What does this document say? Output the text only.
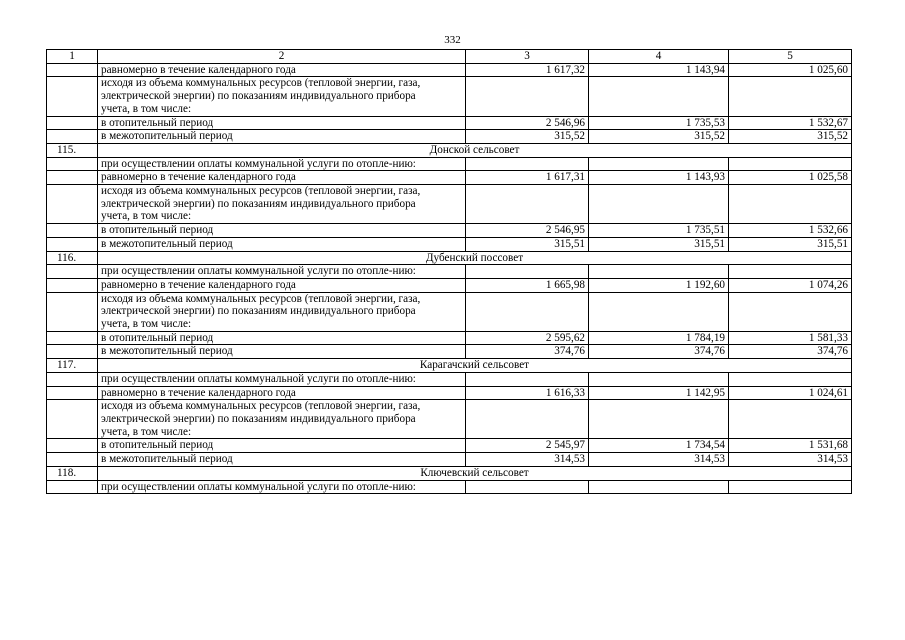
332
1	2	3	4	5
	равномерно в течение календарного года	1 617,32	1 143,94	1 025,60
	исходя из объема коммунальных ресурсов (тепловой энергии, газа, электрической энергии) по показаниям индивидуального прибора учета, в том числе:			
	в отопительный период	2 546,96	1 735,53	1 532,67
	в межотопительный период	315,52	315,52	315,52
115.	Донской сельсовет			
	при осуществлении оплаты коммунальной услуги по отопле-нию:			
	равномерно в течение календарного года	1 617,31	1 143,93	1 025,58
	исходя из объема коммунальных ресурсов (тепловой энергии, газа, электрической энергии) по показаниям индивидуального прибора учета, в том числе:			
	в отопительный период	2 546,95	1 735,51	1 532,66
	в межотопительный период	315,51	315,51	315,51
116.	Дубенский поссовет			
	при осуществлении оплаты коммунальной услуги по отопле-нию:			
	равномерно в течение календарного года	1 665,98	1 192,60	1 074,26
	исходя из объема коммунальных ресурсов (тепловой энергии, газа, электрической энергии) по показаниям индивидуального прибора учета, в том числе:			
	в отопительный период	2 595,62	1 784,19	1 581,33
	в межотопительный период	374,76	374,76	374,76
117.	Карагачский сельсовет			
	при осуществлении оплаты коммунальной услуги по отопле-нию:			
	равномерно в течение календарного года	1 616,33	1 142,95	1 024,61
	исходя из объема коммунальных ресурсов (тепловой энергии, газа, электрической энергии) по показаниям индивидуального прибора учета, в том числе:			
	в отопительный период	2 545,97	1 734,54	1 531,68
	в межотопительный период	314,53	314,53	314,53
118.	Ключевский сельсовет			
	при осуществлении оплаты коммунальной услуги по отопле-нию:			
